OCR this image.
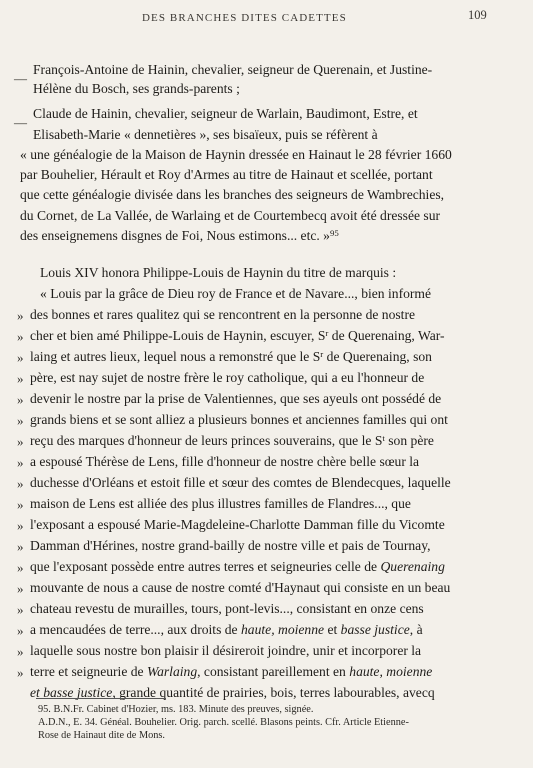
DES BRANCHES DITES CADETTES	109
—
—
François-Antoine de Hainin, chevalier, seigneur de Querenain, et Justine-
Hélène du Bosch, ses grands-parents ;
Claude de Hainin, chevalier, seigneur de Warlain, Baudimont, Estre, et
Elisabeth-Marie « dennetières », ses bisaïeux, puis se réfèrent à
« une généalogie de la Maison de Haynin dressée en Hainaut le 28 février 1660
par Bouhelier, Hérault et Roy d'Armes au titre de Hainaut et scellée, portant
que cette généalogie divisée dans les branches des seigneurs de Wambrechies,
du Cornet, de La Vallée, de Warlaing et de Courtembecq avoit été dressée sur
des enseignemens disgnes de Foi, Nous estimons... etc. »$^{95}$
Louis XIV honora Philippe-Louis de Haynin du titre de marquis :
« Louis par la grâce de Dieu roy de France et de Navare..., bien informé
»
»
»
»
»
»
»
»
»
»
»
»
»
»
»
»
»
»
des bonnes et rares qualitez qui se rencontrent en la personne de nostre
cher et bien amé Philippe-Louis de Haynin, escuyer, $S^r$ de Querenaing, War-
laing et autres lieux, lequel nous a remonstré que le $S^r$ de Querenaing, son
père, est nay sujet de nostre frère le roy catholique, qui a eu l'honneur de
devenir le nostre par la prise de Valentiennes, que ses ayeuls ont possédé de
grands biens et se sont alliez a plusieurs bonnes et anciennes familles qui ont
reçu des marques d'honneur de leurs princes souverains, que le $S^t$ son père
a espousé Thérèse de Lens, fille d'honneur de nostre chère belle sœur la
duchesse d'Orléans et estoit fille et sœur des comtes de Blendecques, laquelle
maison de Lens est alliée des plus illustres familles de Flandres..., que
l'exposant a espousé Marie-Magdeleine-Charlotte Damman fille du Vicomte
Damman d'Hérines, nostre grand-bailly de nostre ville et pais de Tournay,
que l'exposant possède entre autres terres et seigneuries celle de Querenaing
mouvante de nous a cause de nostre comté d'Haynaut qui consiste en un beau
chateau revestu de murailles, tours, pont-levis..., consistant en onze cens
a mencaudées de terre..., aux droits de haute, moienne et basse justice, à
laquelle sous nostre bon plaisir il désireroit joindre, unir et incorporer la
terre et seigneurie de Warlaing, consistant pareillement en haute, moienne
et basse justice, grande quantité de prairies, bois, terres labourables, avecq
95. B.N.Fr. Cabinet d'Hozier, ms. 183. Minute des preuves, signée.
A.D.N., E. 34. Généal. Bouhelier. Orig. parch. scellé. Blasons peints. Cfr. Article Etienne-
Rose de Hainaut dite de Mons.
